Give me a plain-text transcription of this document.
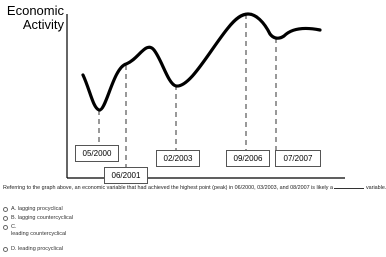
Economic
Activity
05/2000
06/2001
02/2003	09/2006	07/2007
Referring to the graph above, an economic variable that had achieved the highest point (peak) in 06/2000, 03/2003, and 08/2007 is likely a	variable.
A.
lagging procyclical
B.
lagging countercyclical
C.
leading countercyclical
D.
leading procyclical
